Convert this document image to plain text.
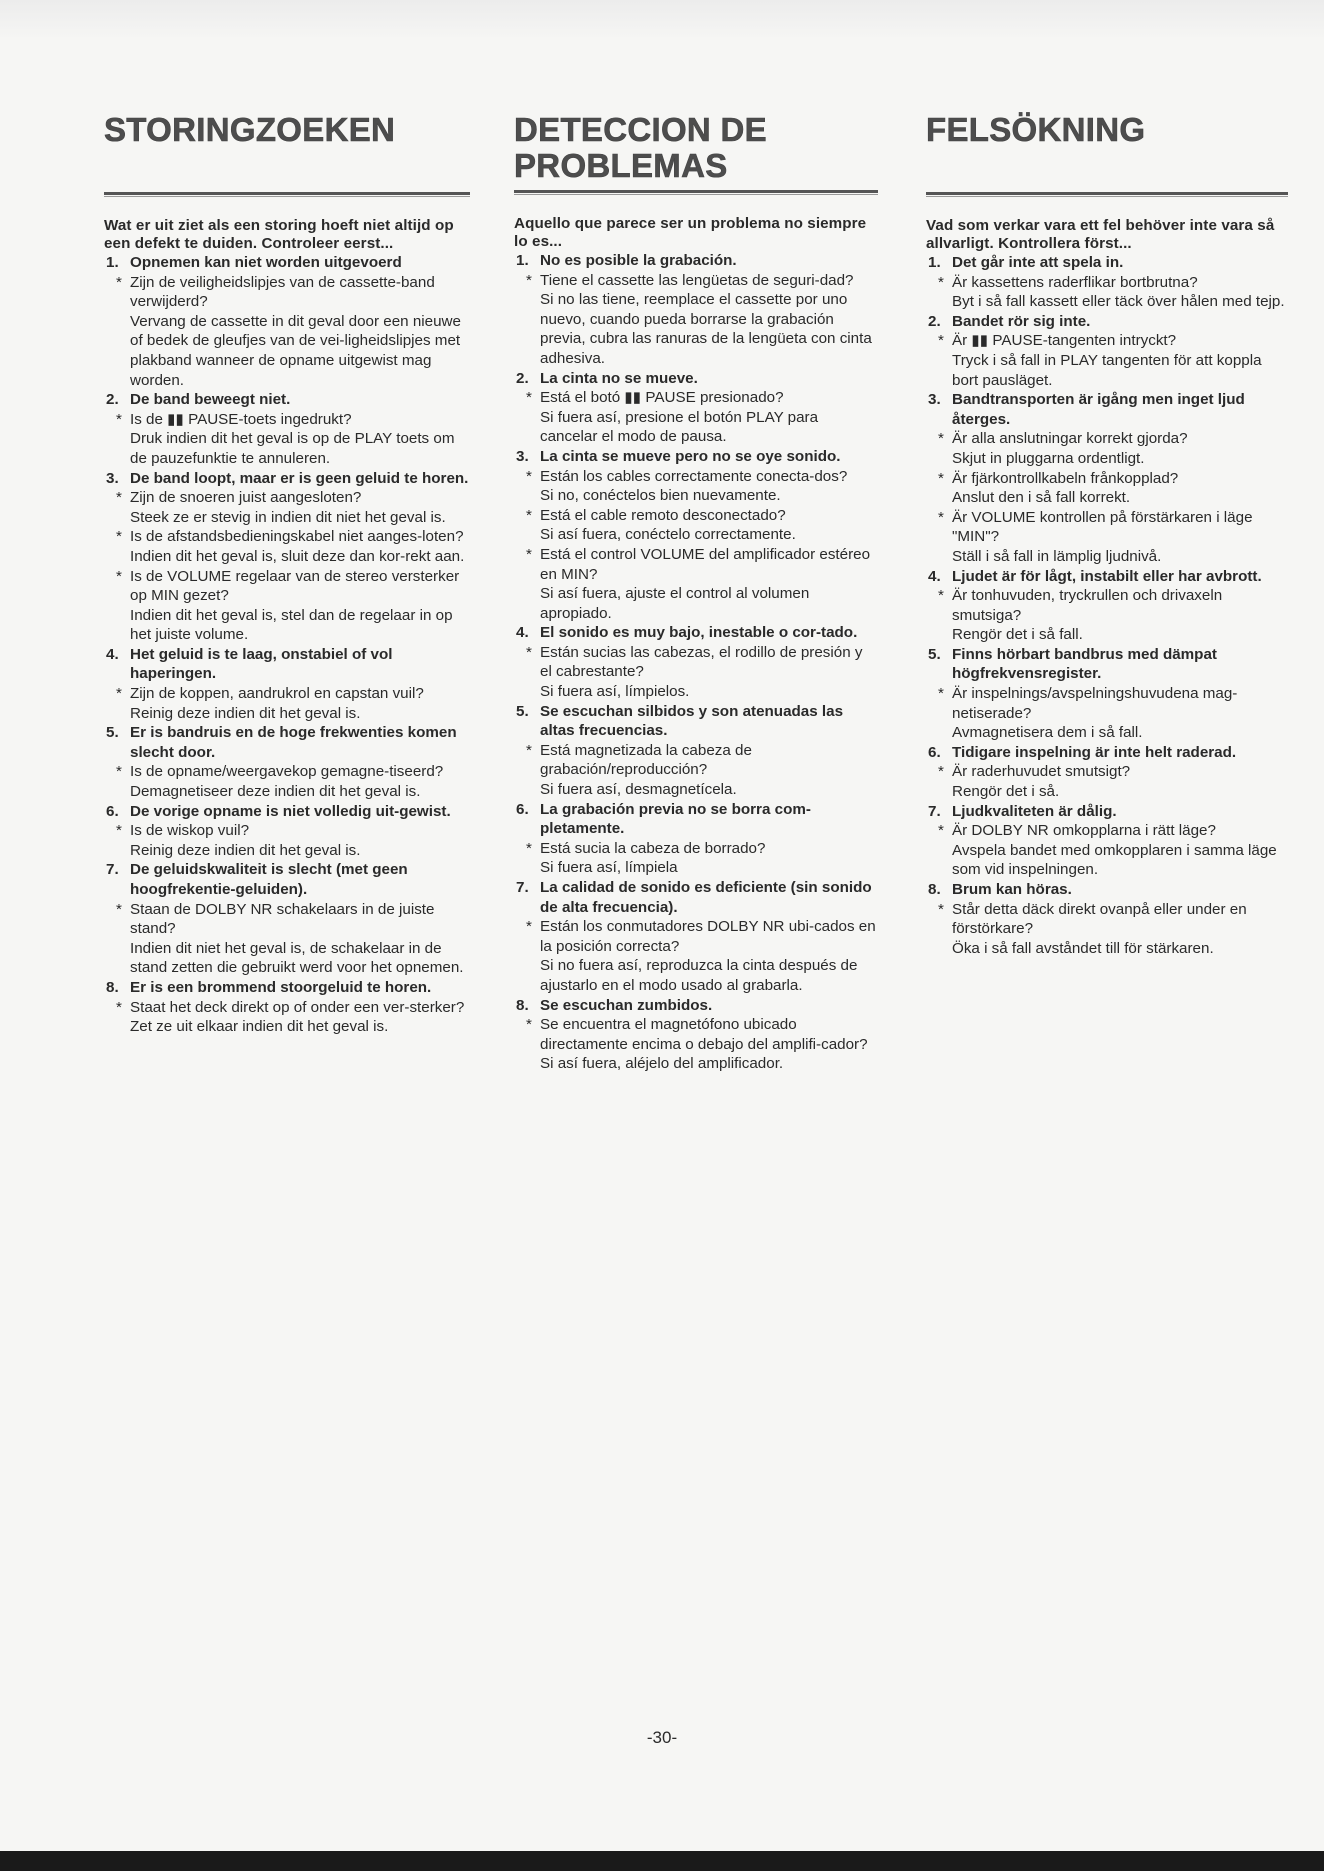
STORINGZOEKEN

Wat er uit ziet als een storing hoeft niet altijd op een defekt te duiden. Controleer eerst...

1. Opnemen kan niet worden uitgevoerd
* Zijn de veiligheidslipjes van de cassette-band verwijderd?
Vervang de cassette in dit geval door een nieuwe of bedek de gleufjes van de vei-ligheidslipjes met plakband wanneer de opname uitgewist mag worden.
2. De band beweegt niet.
* Is de ▮▮ PAUSE-toets ingedrukt?
Druk indien dit het geval is op de PLAY toets om de pauzefunktie te annuleren.
3. De band loopt, maar er is geen geluid te horen.
* Zijn de snoeren juist aangesloten?
Steek ze er stevig in indien dit niet het geval is.
* Is de afstandsbedieningskabel niet aanges-loten?
Indien dit het geval is, sluit deze dan kor-rekt aan.
* Is de VOLUME regelaar van de stereo versterker op MIN gezet?
Indien dit het geval is, stel dan de regelaar in op het juiste volume.
4. Het geluid is te laag, onstabiel of vol haperingen.
* Zijn de koppen, aandrukrol en capstan vuil?
Reinig deze indien dit het geval is.
5. Er is bandruis en de hoge frekwenties komen slecht door.
* Is de opname/weergavekop gemagne-tiseerd?
Demagnetiseer deze indien dit het geval is.
6. De vorige opname is niet volledig uit-gewist.
* Is de wiskop vuil?
Reinig deze indien dit het geval is.
7. De geluidskwaliteit is slecht (met geen hoogfrekentie-geluiden).
* Staan de DOLBY NR schakelaars in de juiste stand?
Indien dit niet het geval is, de schakelaar in de stand zetten die gebruikt werd voor het opnemen.
8. Er is een brommend stoorgeluid te horen.
* Staat het deck direkt op of onder een ver-sterker?
Zet ze uit elkaar indien dit het geval is.
DETECCION DE PROBLEMAS

Aquello que parece ser un problema no siempre lo es...

1. No es posible la grabación.
* Tiene el cassette las lengüetas de seguri-dad?
Si no las tiene, reemplace el cassette por uno nuevo, cuando pueda borrarse la grabación previa, cubra las ranuras de la lengüeta con cinta adhesiva.
2. La cinta no se mueve.
* Está el botó ▮▮ PAUSE presionado?
Si fuera así, presione el botón PLAY para cancelar el modo de pausa.
3. La cinta se mueve pero no se oye sonido.
* Están los cables correctamente conecta-dos?
Si no, conéctelos bien nuevamente.
* Está el cable remoto desconectado?
Si así fuera, conéctelo correctamente.
* Está el control VOLUME del amplificador estéreo en MIN?
Si así fuera, ajuste el control al volumen apropiado.
4. El sonido es muy bajo, inestable o cor-tado.
* Están sucias las cabezas, el rodillo de presión y el cabrestante?
Si fuera así, límpielos.
5. Se escuchan silbidos y son atenuadas las altas frecuencias.
* Está magnetizada la cabeza de grabación/reproducción?
Si fuera así, desmagnetícela.
6. La grabación previa no se borra com-pletamente.
* Está sucia la cabeza de borrado?
Si fuera así, límpiela
7. La calidad de sonido es deficiente (sin sonido de alta frecuencia).
* Están los conmutadores DOLBY NR ubi-cados en la posición correcta?
Si no fuera así, reproduzca la cinta después de ajustarlo en el modo usado al grabarla.
8. Se escuchan zumbidos.
* Se encuentra el magnetófono ubicado directamente encima o debajo del amplifi-cador?
Si así fuera, aléjelo del amplificador.
FELSÖKNING

Vad som verkar vara ett fel behöver inte vara så allvarligt. Kontrollera först...

1. Det går inte att spela in.
* Är kassettens raderflikar bortbrutna?
Byt i så fall kassett eller täck över hålen med tejp.
2. Bandet rör sig inte.
* Är ▮▮ PAUSE-tangenten intryckt?
Tryck i så fall in PLAY tangenten för att koppla bort pausläget.
3. Bandtransporten är igång men inget ljud återges.
* Är alla anslutningar korrekt gjorda?
Skjut in pluggarna ordentligt.
* Är fjärkontrollkabeln frånkopplad?
Anslut den i så fall korrekt.
* Är VOLUME kontrollen på förstärkaren i läge "MIN"?
Ställ i så fall in lämplig ljudnivå.
4. Ljudet är för lågt, instabilt eller har avbrott.
* Är tonhuvuden, tryckrullen och drivaxeln smutsiga?
Rengör det i så fall.
5. Finns hörbart bandbrus med dämpat högfrekvensregister.
* Är inspelnings/avspelningshuvudena mag-netiserade?
Avmagnetisera dem i så fall.
6. Tidigare inspelning är inte helt raderad.
* Är raderhuvudet smutsigt?
Rengör det i så.
7. Ljudkvaliteten är dålig.
* Är DOLBY NR omkopplarna i rätt läge?
Avspela bandet med omkopplaren i samma läge som vid inspelningen.
8. Brum kan höras.
* Står detta däck direkt ovanpå eller under en förstörkare?
Öka i så fall avståndet till för stärkaren.
-30-
